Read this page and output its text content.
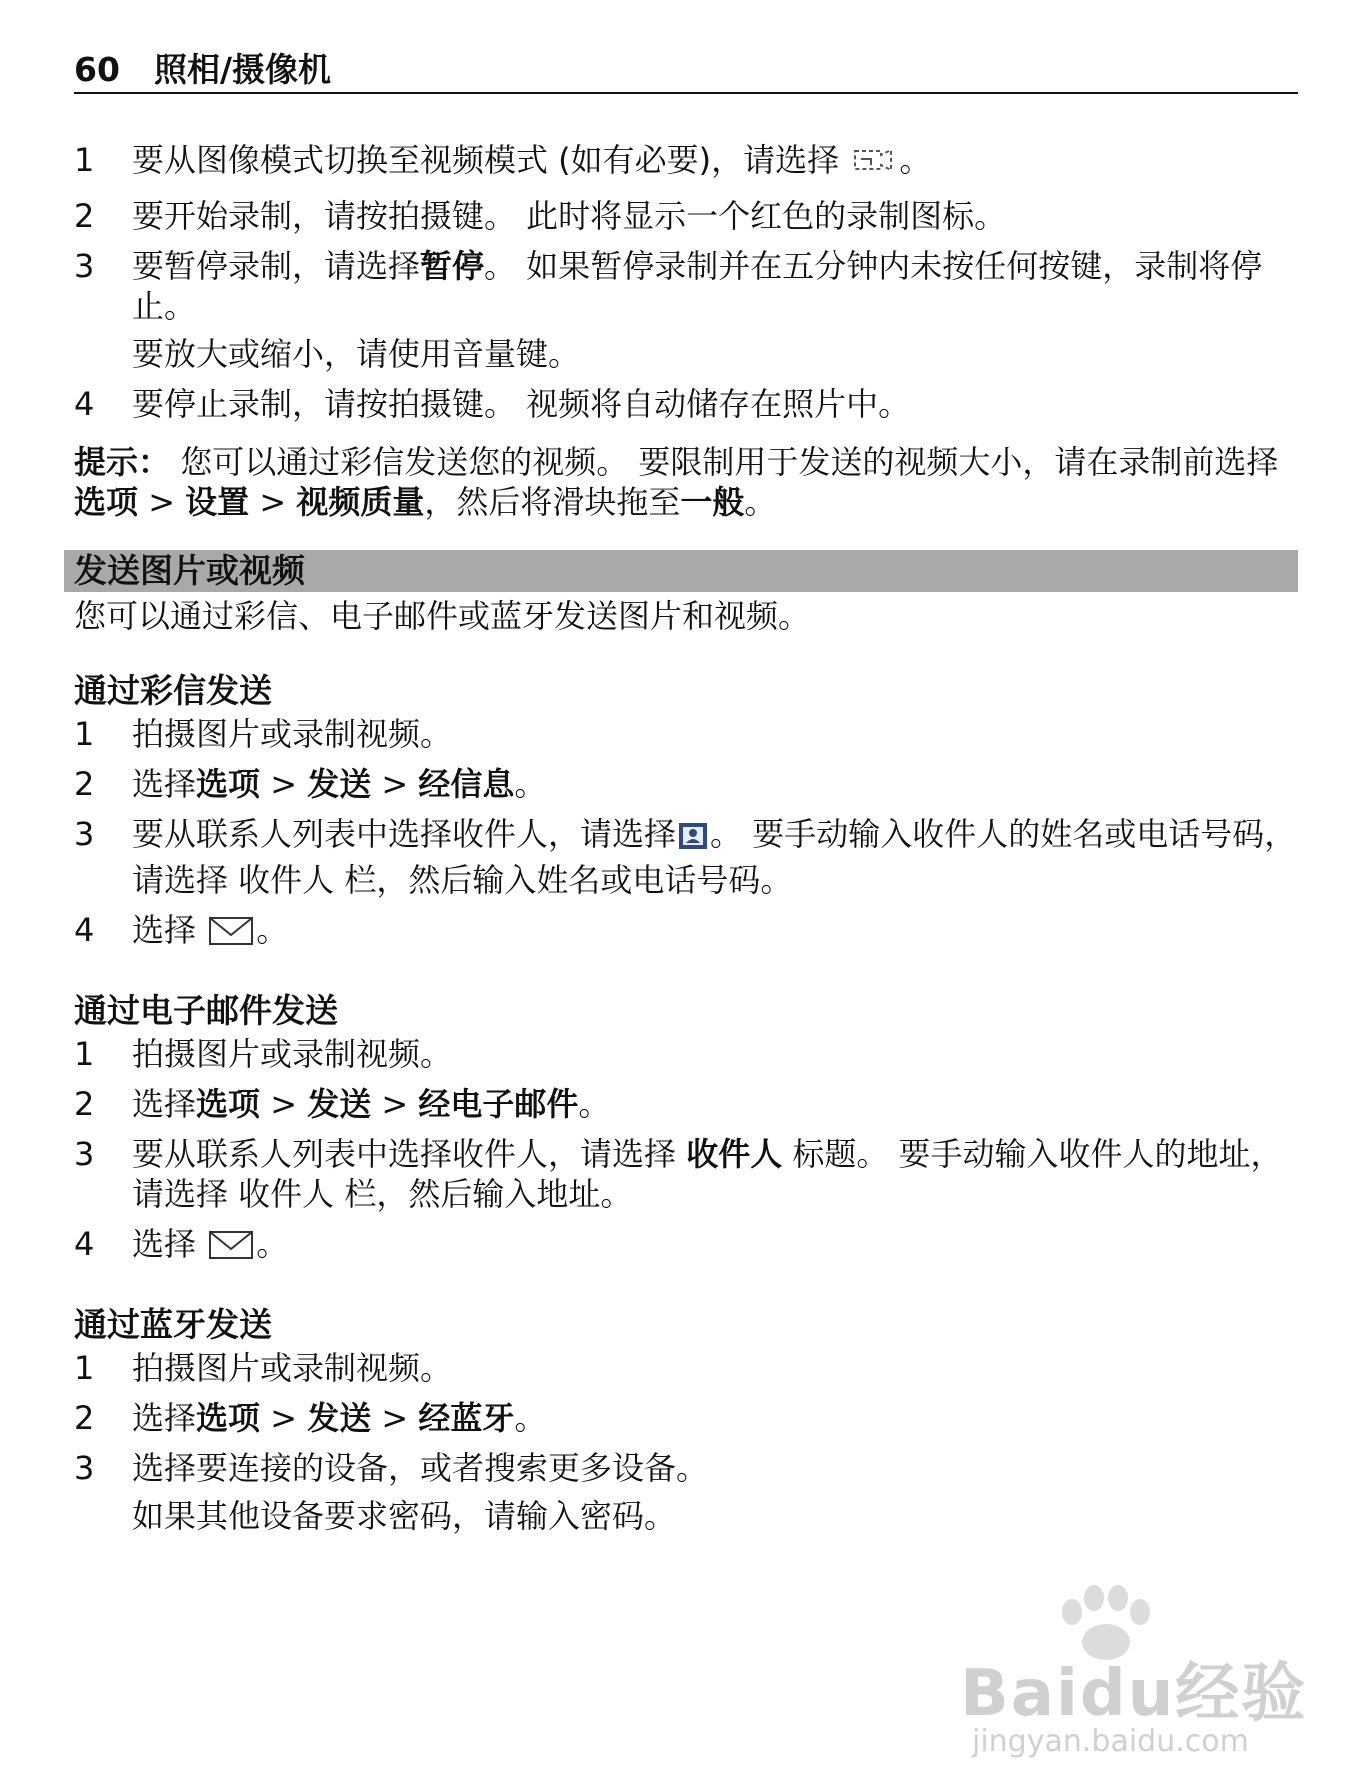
60 照相/摄像机
1	要从图像模式切换至视频模式 (如有必要)，请选择 。
2	要开始录制，请按拍摄键。 此时将显示一个红色的录制图标。
3	要暂停录制，请选择暂停。 如果暂停录制并在五分钟内未按任何按键，录制将停止。
要放大或缩小，请使用音量键。
4	要停止录制，请按拍摄键。 视频将自动储存在照片中。
提示： 您可以通过彩信发送您的视频。 要限制用于发送的视频大小，请在录制前选择选项 > 设置 > 视频质量，然后将滑块拖至一般。
发送图片或视频
您可以通过彩信、电子邮件或蓝牙发送图片和视频。
通过彩信发送
1	拍摄图片或录制视频。
2	选择选项 > 发送 > 经信息。
3	要从联系人列表中选择收件人，请选择 。 要手动输入收件人的姓名或电话号码，请选择 收件人 栏，然后输入姓名或电话号码。
4	选择 。
通过电子邮件发送
1	拍摄图片或录制视频。
2	选择选项 > 发送 > 经电子邮件。
3	要从联系人列表中选择收件人，请选择 收件人 标题。 要手动输入收件人的地址，请选择 收件人 栏，然后输入地址。
4	选择 。
通过蓝牙发送
1	拍摄图片或录制视频。
2	选择选项 > 发送 > 经蓝牙。
3	选择要连接的设备，或者搜索更多设备。
如果其他设备要求密码，请输入密码。
Baidu经验
jingyan.baidu.com
